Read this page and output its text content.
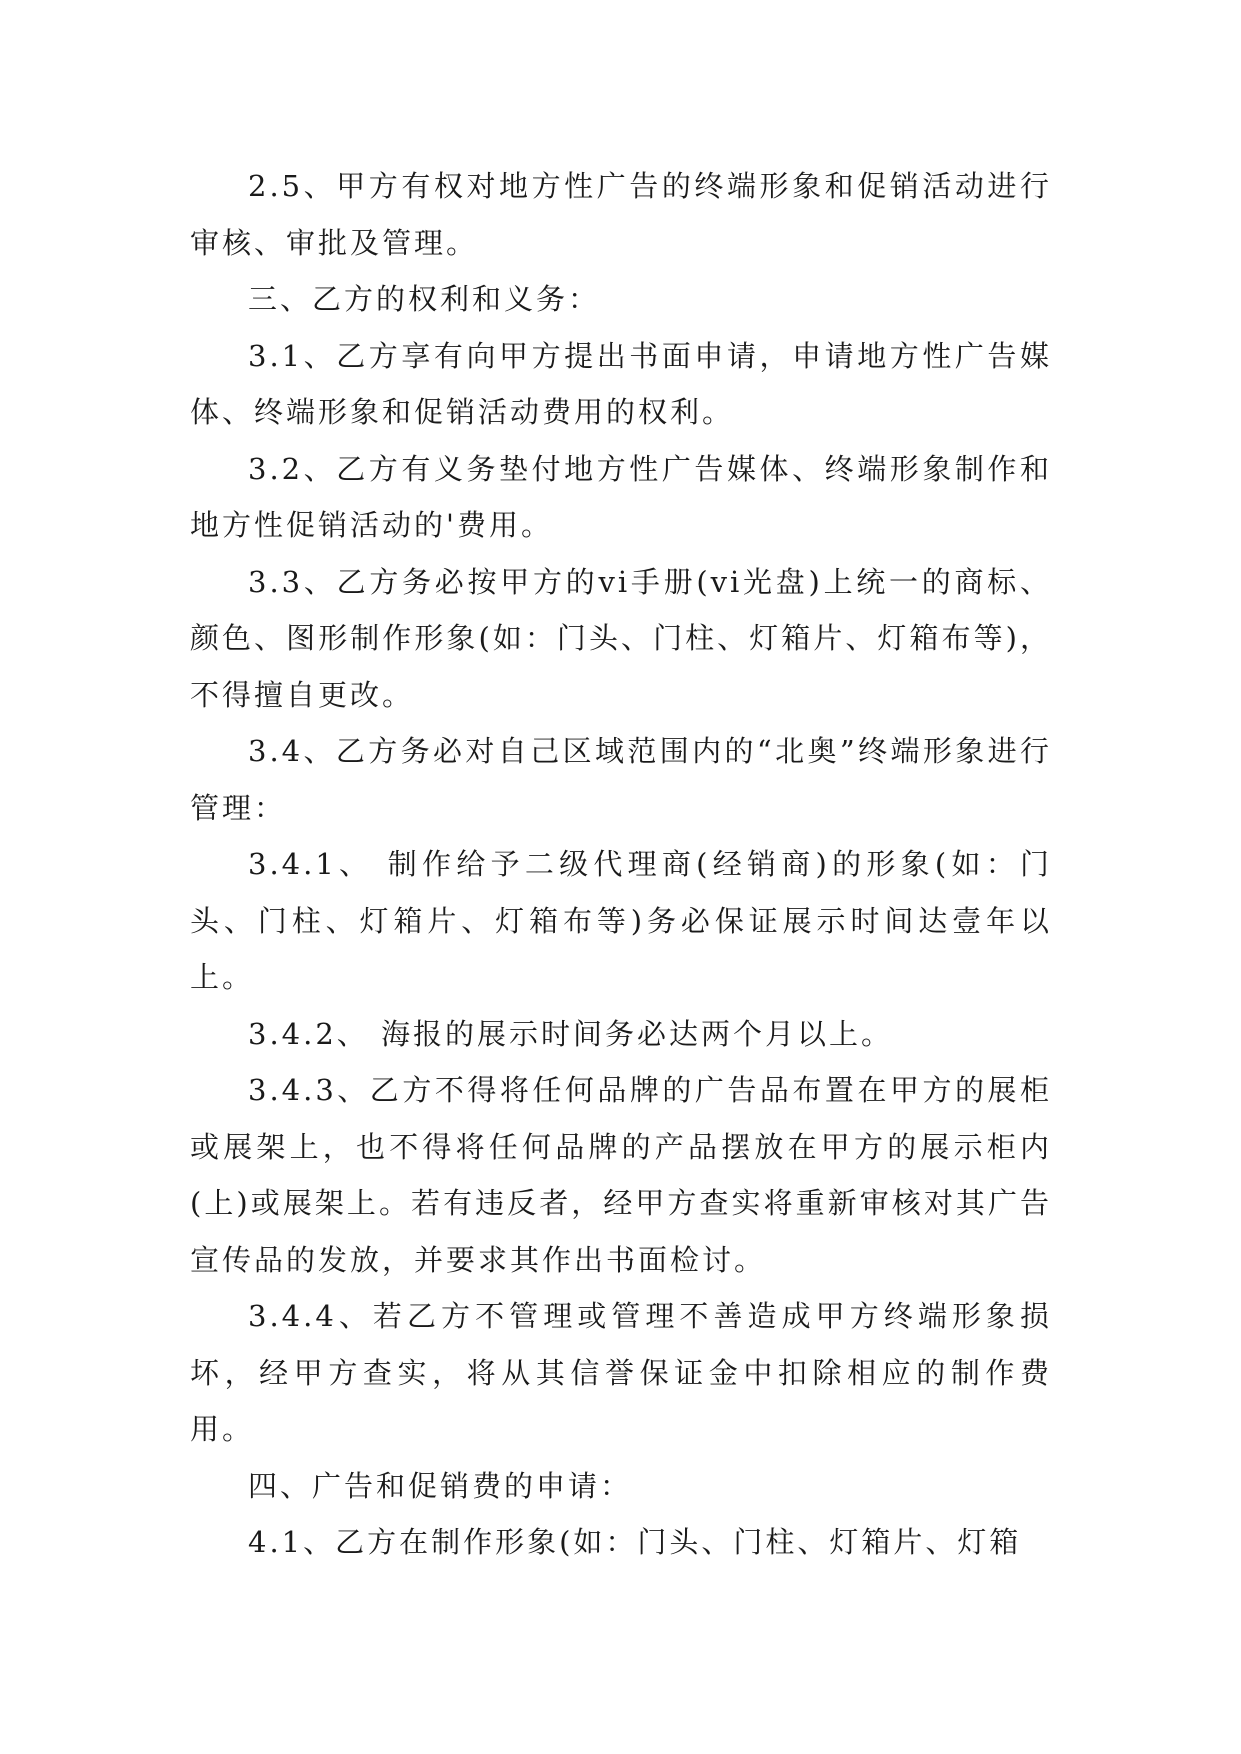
2.5、甲方有权对地方性广告的终端形象和促销活动进行审核、审批及管理。

三、乙方的权利和义务：

3.1、乙方享有向甲方提出书面申请，申请地方性广告媒体、终端形象和促销活动费用的权利。

3.2、乙方有义务垫付地方性广告媒体、终端形象制作和地方性促销活动的'费用。

3.3、乙方务必按甲方的vi手册(vi光盘)上统一的商标、颜色、图形制作形象(如：门头、门柱、灯箱片、灯箱布等)，不得擅自更改。

3.4、乙方务必对自己区域范围内的“北奥”终端形象进行管理：

3.4.1、 制作给予二级代理商(经销商)的形象(如：门头、门柱、灯箱片、灯箱布等)务必保证展示时间达壹年以上。

3.4.2、 海报的展示时间务必达两个月以上。

3.4.3、乙方不得将任何品牌的广告品布置在甲方的展柜或展架上，也不得将任何品牌的产品摆放在甲方的展示柜内(上)或展架上。若有违反者，经甲方查实将重新审核对其广告宣传品的发放，并要求其作出书面检讨。

3.4.4、若乙方不管理或管理不善造成甲方终端形象损坏，经甲方查实，将从其信誉保证金中扣除相应的制作费用。

四、广告和促销费的申请：

4.1、乙方在制作形象(如：门头、门柱、灯箱片、灯箱
